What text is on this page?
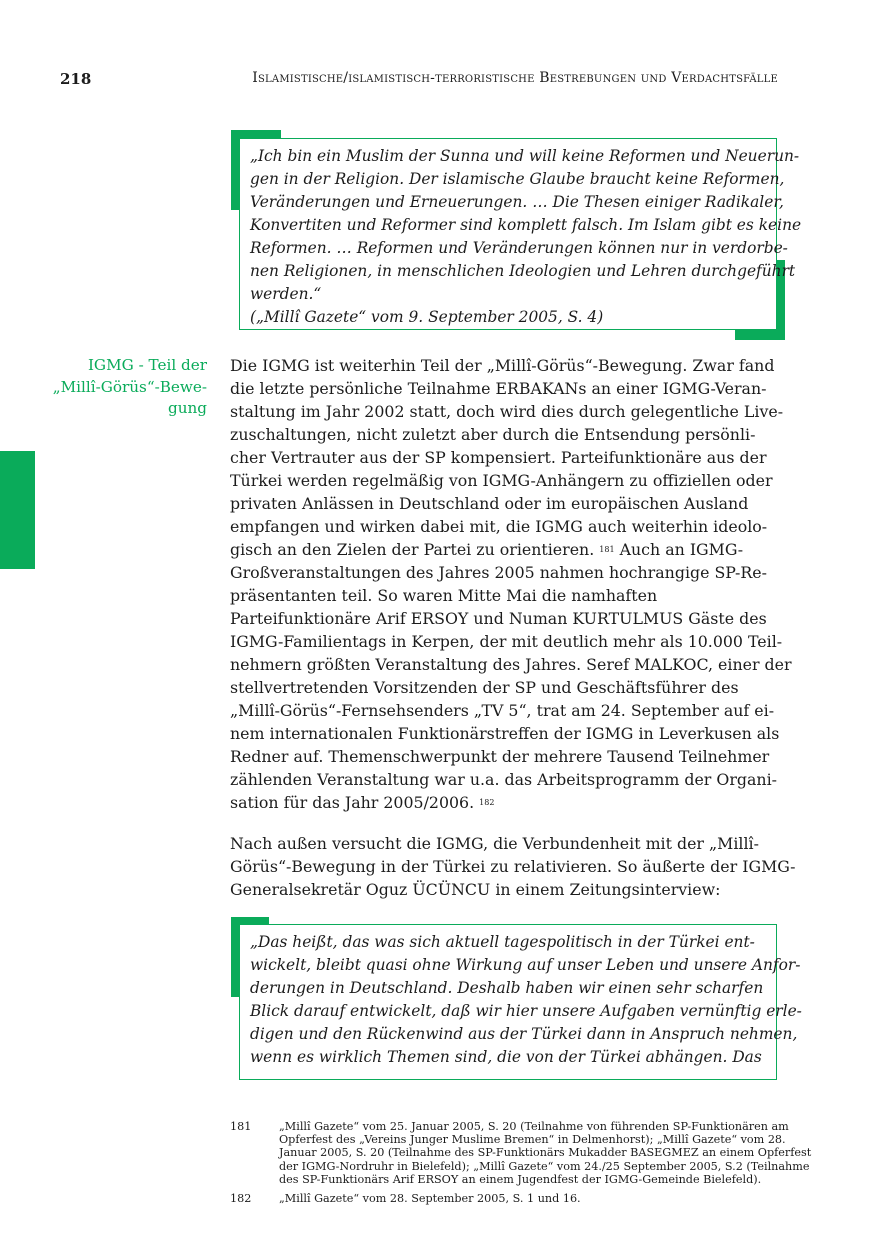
218	Islamistische/islamistisch-terroristische Bestrebungen und Verdachtsfälle
„Ich bin ein Muslim der Sunna und will keine Reformen und Neuerun-
gen in der Religion. Der islamische Glaube braucht keine Reformen,
Veränderungen und Erneuerungen. … Die Thesen einiger Radikaler,
Konvertiten und Reformer sind komplett falsch. Im Islam gibt es keine
Reformen. … Reformen und Veränderungen können nur in verdorbe-
nen Religionen, in menschlichen Ideologien und Lehren durchgeführt
werden.“
(„Millî Gazete“ vom 9. September 2005, S. 4)
IGMG - Teil der
„Millî-Görüs“-Bewe-
gung
Die IGMG ist weiterhin Teil der „Millî-Görüs“-Bewegung. Zwar fand
die letzte persönliche Teilnahme ERBAKANs an einer IGMG-Veran-
staltung im Jahr 2002 statt, doch wird dies durch gelegentliche Live-
zuschaltungen, nicht zuletzt aber durch die Entsendung persönli-
cher Vertrauter aus der SP kompensiert. Parteifunktionäre aus der
Türkei werden regelmäßig von IGMG-Anhängern zu offiziellen oder
privaten Anlässen in Deutschland oder im europäischen Ausland
empfangen und wirken dabei mit, die IGMG auch weiterhin ideolo-
gisch an den Zielen der Partei zu orientieren. $^{181}$ Auch an IGMG-
Großveranstaltungen des Jahres 2005 nahmen hochrangige SP-Re-
präsentanten teil. So waren Mitte Mai die namhaften
Parteifunktionäre Arif ERSOY und Numan KURTULMUS Gäste des
IGMG-Familientags in Kerpen, der mit deutlich mehr als 10.000 Teil-
nehmern größten Veranstaltung des Jahres. Seref MALKOC, einer der
stellvertretenden Vorsitzenden der SP und Geschäftsführer des
„Millî-Görüs“-Fernsehsenders „TV 5“, trat am 24. September auf ei-
nem internationalen Funktionärstreffen der IGMG in Leverkusen als
Redner auf. Themenschwerpunkt der mehrere Tausend Teilnehmer
zählenden Veranstaltung war u.a. das Arbeitsprogramm der Organi-
sation für das Jahr 2005/2006. $^{182}$
Nach außen versucht die IGMG, die Verbundenheit mit der „Millî-
Görüs“-Bewegung in der Türkei zu relativieren. So äußerte der IGMG-
Generalsekretär Oguz ÜCÜNCU in einem Zeitungsinterview:
„Das heißt, das was sich aktuell tagespolitisch in der Türkei ent-
wickelt, bleibt quasi ohne Wirkung auf unser Leben und unsere Anfor-
derungen in Deutschland. Deshalb haben wir einen sehr scharfen
Blick darauf entwickelt, daß wir hier unsere Aufgaben vernünftig erle-
digen und den Rückenwind aus der Türkei dann in Anspruch nehmen,
wenn es wirklich Themen sind, die von der Türkei abhängen. Das
181 „Millî Gazete“ vom 25. Januar 2005, S. 20 (Teilnahme von führenden SP-Funktionären am
Opferfest des „Vereins Junger Muslime Bremen“ in Delmenhorst); „Millî Gazete“ vom 28.
Januar 2005, S. 20 (Teilnahme des SP-Funktionärs Mukadder BASEGMEZ an einem Opferfest
der IGMG-Nordruhr in Bielefeld); „Millî Gazete“ vom 24./25 September 2005, S.2 (Teilnahme
des SP-Funktionärs Arif ERSOY an einem Jugendfest der IGMG-Gemeinde Bielefeld).
182 „Millî Gazete“ vom 28. September 2005, S. 1 und 16.
